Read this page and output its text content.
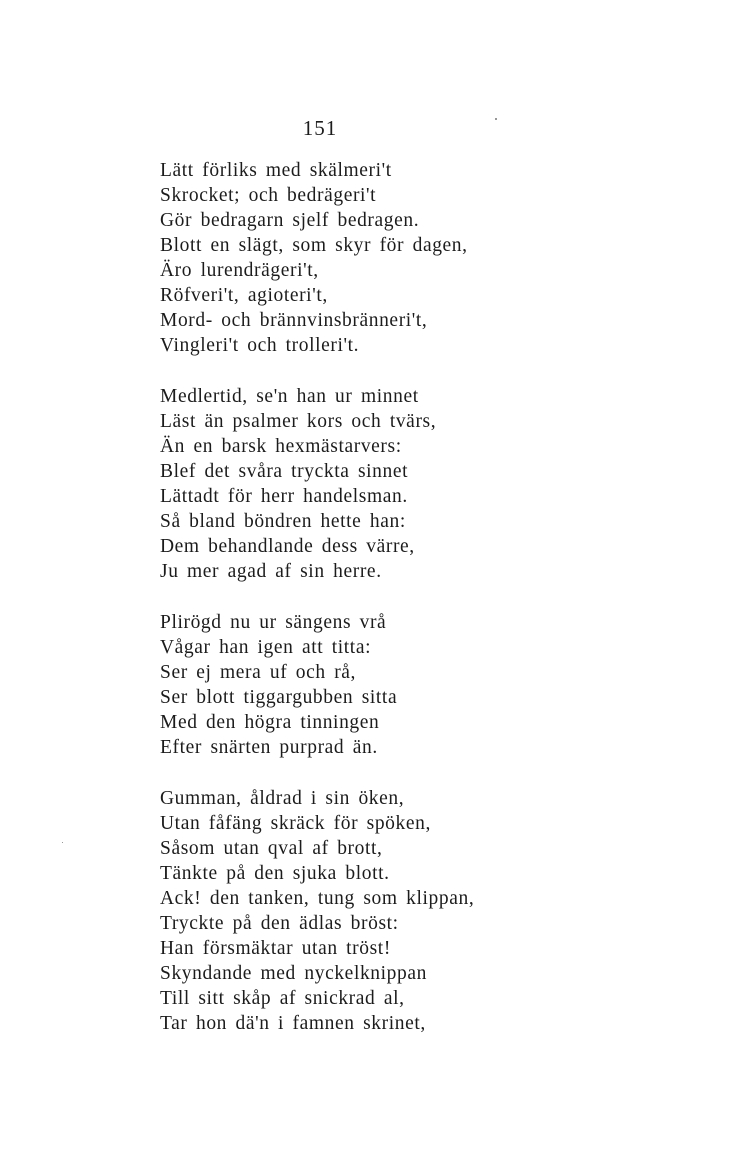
151
Lätt förliks med skälmeri't
Skrocket; och bedrägeri't
Gör bedragarn sjelf bedragen.
Blott en slägt, som skyr för dagen,
Äro lurendrägeri't,
Röfveri't, agioteri't,
Mord- och brännvinsbränneri't,
Vingleri't och trolleri't.
Medlertid, se'n han ur minnet
Läst än psalmer kors och tvärs,
Än en barsk hexmästarvers:
Blef det svåra tryckta sinnet
Lättadt för herr handelsman.
Så bland böndren hette han:
Dem behandlande dess värre,
Ju mer agad af sin herre.
Plirögd nu ur sängens vrå
Vågar han igen att titta:
Ser ej mera uf och rå,
Ser blott tiggargubben sitta
Med den högra tinningen
Efter snärten purprad än.
Gumman, åldrad i sin öken,
Utan fåfäng skräck för spöken,
Såsom utan qval af brott,
Tänkte på den sjuka blott.
Ack! den tanken, tung som klippan,
Tryckte på den ädlas bröst:
Han försmäktar utan tröst!
Skyndande med nyckelknippan
Till sitt skåp af snickrad al,
Tar hon dä'n i famnen skrinet,
